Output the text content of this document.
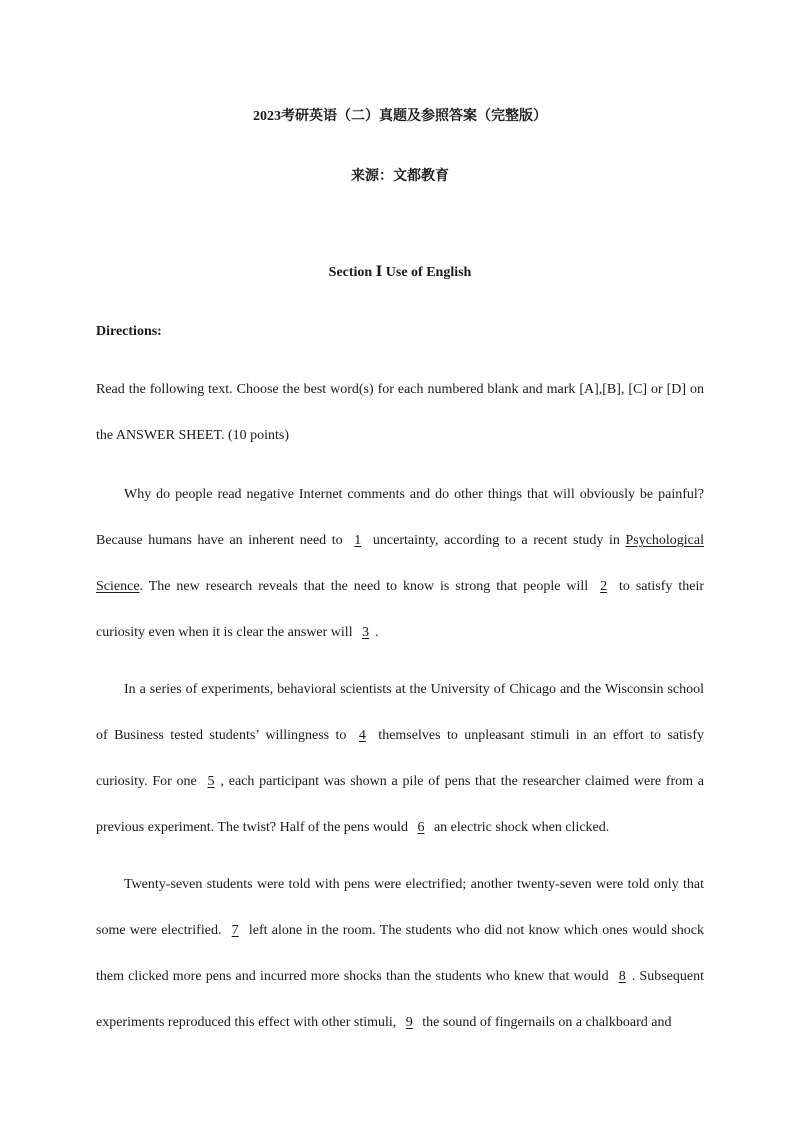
2023考研英语（二）真题及参照答案（完整版）
来源：文都教育
Section Ⅰ Use of English
Directions:

Read the following text. Choose the best word(s) for each numbered blank and mark [A],[B], [C] or [D] on the ANSWER SHEET. (10 points)

Why do people read negative Internet comments and do other things that will obviously be painful? Because humans have an inherent need to 1 uncertainty, according to a recent study in Psychological Science. The new research reveals that the need to know is strong that people will 2 to satisfy their curiosity even when it is clear the answer will 3 .

In a series of experiments, behavioral scientists at the University of Chicago and the Wisconsin school of Business tested students’ willingness to 4 themselves to unpleasant stimuli in an effort to satisfy curiosity. For one 5 , each participant was shown a pile of pens that the researcher claimed were from a previous experiment. The twist? Half of the pens would 6 an electric shock when clicked.

Twenty-seven students were told with pens were electrified; another twenty-seven were told only that some were electrified. 7 left alone in the room. The students who did not know which ones would shock them clicked more pens and incurred more shocks than the students who knew that would 8 . Subsequent experiments reproduced this effect with other stimuli, 9 the sound of fingernails on a chalkboard and
